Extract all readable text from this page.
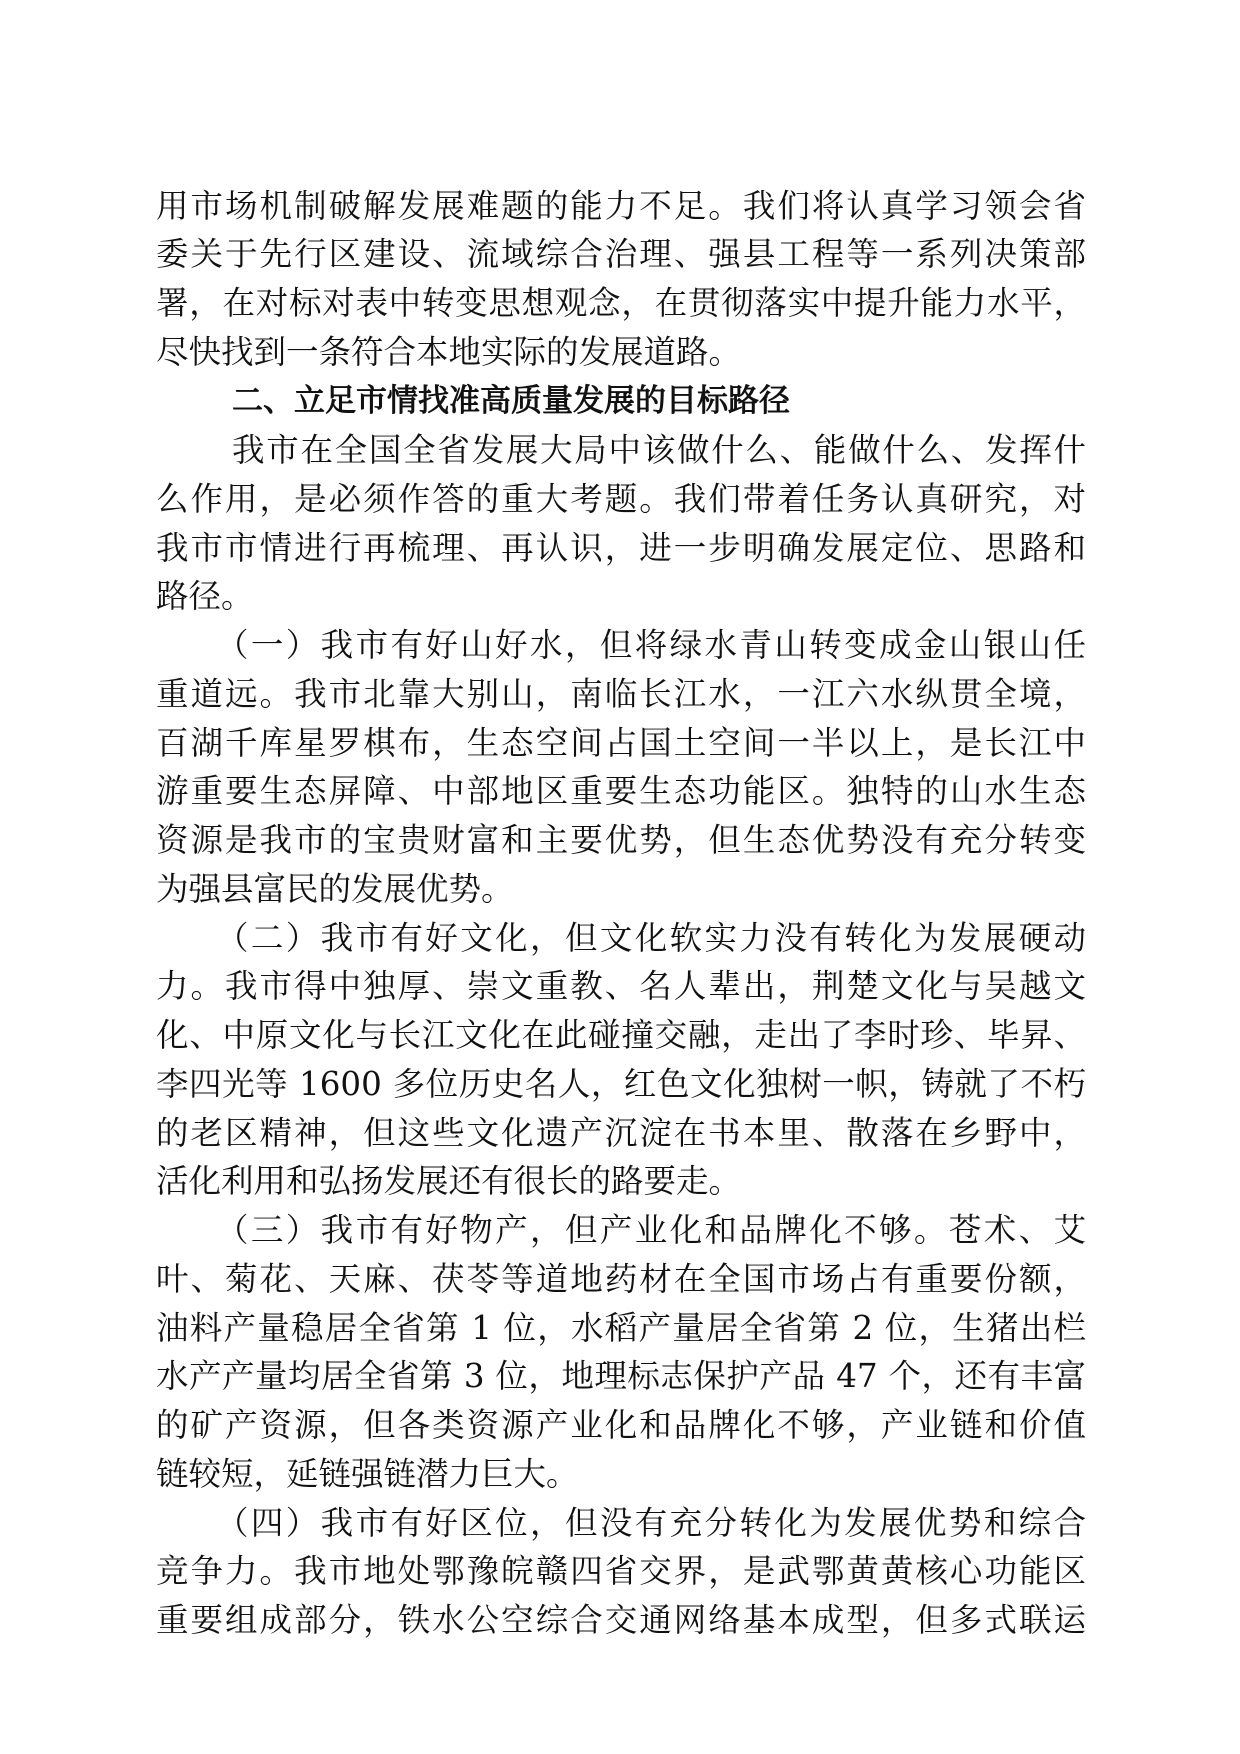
用市场机制破解发展难题的能力不足。我们将认真学习领会省
委关于先行区建设、流域综合治理、强县工程等一系列决策部
署，在对标对表中转变思想观念，在贯彻落实中提升能力水平，
尽快找到一条符合本地实际的发展道路。
二、立足市情找准高质量发展的目标路径
我市在全国全省发展大局中该做什么、能做什么、发挥什
么作用，是必须作答的重大考题。我们带着任务认真研究，对
我市市情进行再梳理、再认识，进一步明确发展定位、思路和
路径。
（一）我市有好山好水，但将绿水青山转变成金山银山任
重道远。我市北靠大别山，南临长江水，一江六水纵贯全境，
百湖千库星罗棋布，生态空间占国土空间一半以上，是长江中
游重要生态屏障、中部地区重要生态功能区。独特的山水生态
资源是我市的宝贵财富和主要优势，但生态优势没有充分转变
为强县富民的发展优势。
（二）我市有好文化，但文化软实力没有转化为发展硬动
力。我市得中独厚、崇文重教、名人辈出，荆楚文化与吴越文
化、中原文化与长江文化在此碰撞交融，走出了李时珍、毕昇、
李四光等 1600 多位历史名人，红色文化独树一帜，铸就了不朽
的老区精神，但这些文化遗产沉淀在书本里、散落在乡野中，
活化利用和弘扬发展还有很长的路要走。
（三）我市有好物产，但产业化和品牌化不够。苍术、艾
叶、菊花、天麻、茯苓等道地药材在全国市场占有重要份额，
油料产量稳居全省第 1 位，水稻产量居全省第 2 位，生猪出栏
水产产量均居全省第 3 位，地理标志保护产品 47 个，还有丰富
的矿产资源，但各类资源产业化和品牌化不够，产业链和价值
链较短，延链强链潜力巨大。
（四）我市有好区位，但没有充分转化为发展优势和综合
竞争力。我市地处鄂豫皖赣四省交界，是武鄂黄黄核心功能区
重要组成部分，铁水公空综合交通网络基本成型，但多式联运
